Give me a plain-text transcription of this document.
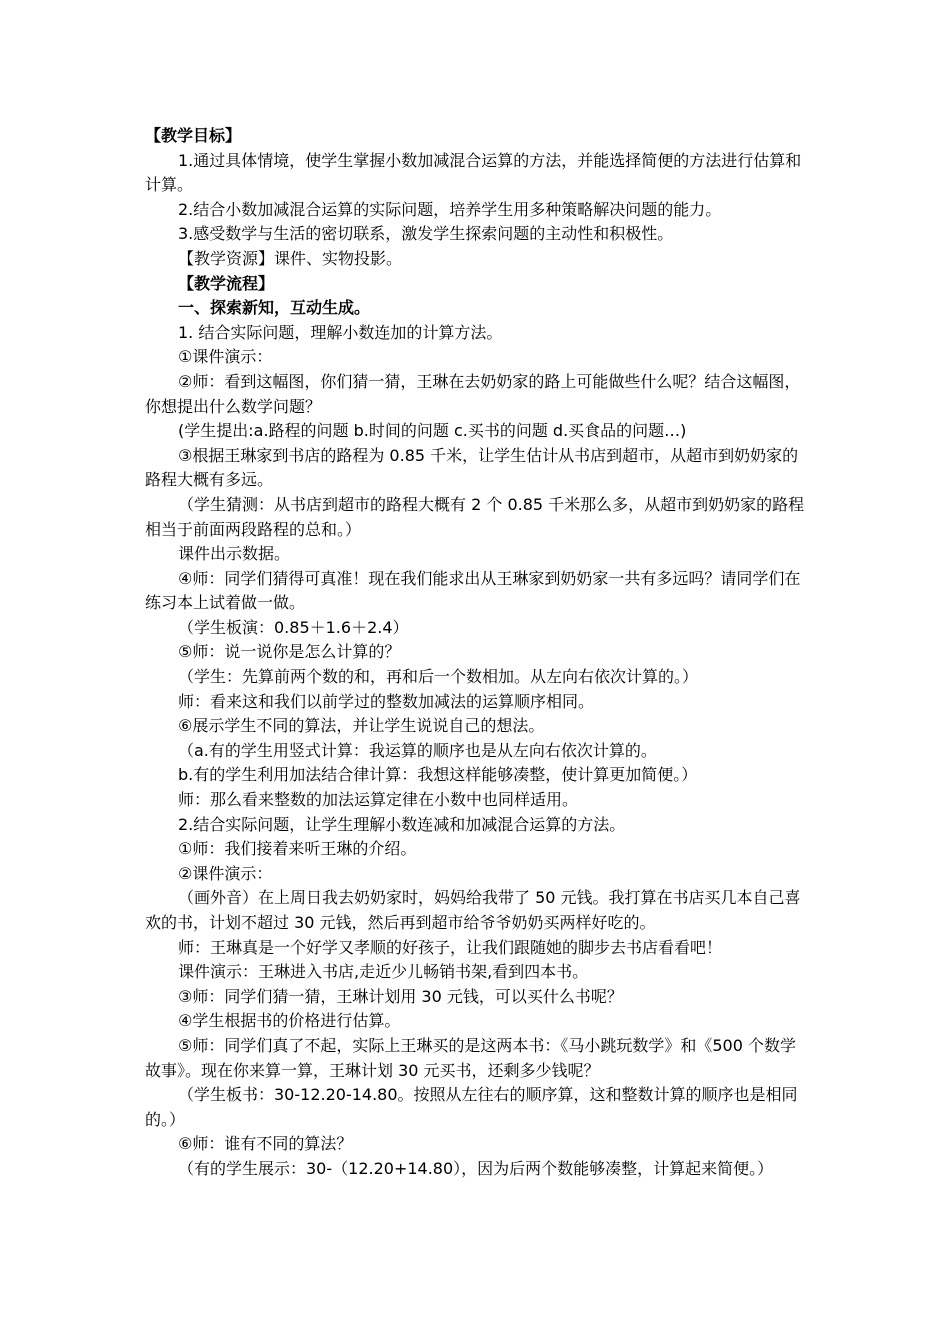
【教学目标】

1.通过具体情境，使学生掌握小数加减混合运算的方法，并能选择简便的方法进行估算和计算。

2.结合小数加减混合运算的实际问题，培养学生用多种策略解决问题的能力。

3.感受数学与生活的密切联系，激发学生探索问题的主动性和积极性。

【教学资源】课件、实物投影。

【教学流程】

一、探索新知，互动生成。

1. 结合实际问题，理解小数连加的计算方法。

①课件演示：

②师：看到这幅图，你们猜一猜，王琳在去奶奶家的路上可能做些什么呢？结合这幅图，你想提出什么数学问题？

(学生提出:a.路程的问题 b.时间的问题 c.买书的问题 d.买食品的问题…)

③根据王琳家到书店的路程为 0.85 千米，让学生估计从书店到超市，从超市到奶奶家的路程大概有多远。

（学生猜测：从书店到超市的路程大概有 2 个 0.85 千米那么多，从超市到奶奶家的路程相当于前面两段路程的总和。）

课件出示数据。

④师：同学们猜得可真准！现在我们能求出从王琳家到奶奶家一共有多远吗？请同学们在练习本上试着做一做。

（学生板演：0.85＋1.6＋2.4）

⑤师：说一说你是怎么计算的？

（学生：先算前两个数的和，再和后一个数相加。从左向右依次计算的。）

师：看来这和我们以前学过的整数加减法的运算顺序相同。

⑥展示学生不同的算法，并让学生说说自己的想法。

（a.有的学生用竖式计算：我运算的顺序也是从左向右依次计算的。

b.有的学生利用加法结合律计算：我想这样能够凑整，使计算更加简便。）

师：那么看来整数的加法运算定律在小数中也同样适用。

2.结合实际问题，让学生理解小数连减和加减混合运算的方法。

①师：我们接着来听王琳的介绍。

②课件演示：

（画外音）在上周日我去奶奶家时，妈妈给我带了 50 元钱。我打算在书店买几本自己喜欢的书，计划不超过 30 元钱，然后再到超市给爷爷奶奶买两样好吃的。

师：王琳真是一个好学又孝顺的好孩子，让我们跟随她的脚步去书店看看吧！

课件演示：王琳进入书店,走近少儿畅销书架,看到四本书。

③师：同学们猜一猜，王琳计划用 30 元钱，可以买什么书呢？

④学生根据书的价格进行估算。

⑤师：同学们真了不起，实际上王琳买的是这两本书：《马小跳玩数学》和《500 个数学故事》。现在你来算一算，王琳计划 30 元买书，还剩多少钱呢？

（学生板书：30-12.20-14.80。按照从左往右的顺序算，这和整数计算的顺序也是相同的。）

⑥师：谁有不同的算法？

（有的学生展示：30-（12.20+14.80），因为后两个数能够凑整，计算起来简便。）
